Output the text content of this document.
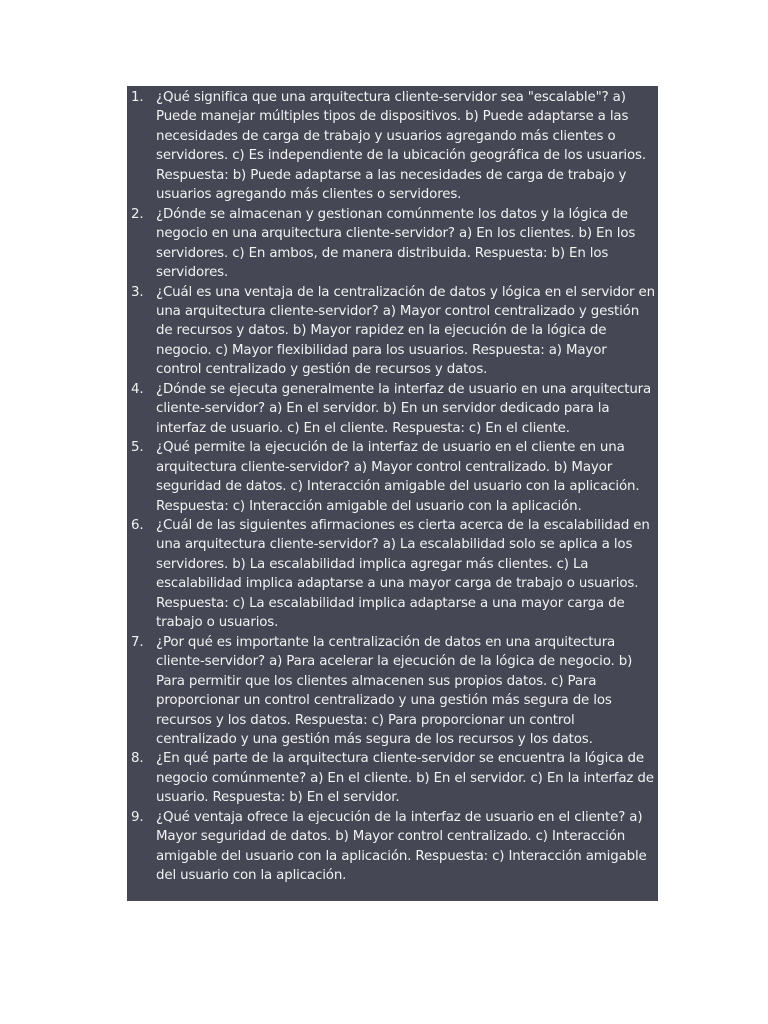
1. ¿Qué significa que una arquitectura cliente-servidor sea "escalable"? a) Puede manejar múltiples tipos de dispositivos. b) Puede adaptarse a las necesidades de carga de trabajo y usuarios agregando más clientes o servidores. c) Es independiente de la ubicación geográfica de los usuarios. Respuesta: b) Puede adaptarse a las necesidades de carga de trabajo y usuarios agregando más clientes o servidores.
2. ¿Dónde se almacenan y gestionan comúnmente los datos y la lógica de negocio en una arquitectura cliente-servidor? a) En los clientes. b) En los servidores. c) En ambos, de manera distribuida. Respuesta: b) En los servidores.
3. ¿Cuál es una ventaja de la centralización de datos y lógica en el servidor en una arquitectura cliente-servidor? a) Mayor control centralizado y gestión de recursos y datos. b) Mayor rapidez en la ejecución de la lógica de negocio. c) Mayor flexibilidad para los usuarios. Respuesta: a) Mayor control centralizado y gestión de recursos y datos.
4. ¿Dónde se ejecuta generalmente la interfaz de usuario en una arquitectura cliente-servidor? a) En el servidor. b) En un servidor dedicado para la interfaz de usuario. c) En el cliente. Respuesta: c) En el cliente.
5. ¿Qué permite la ejecución de la interfaz de usuario en el cliente en una arquitectura cliente-servidor? a) Mayor control centralizado. b) Mayor seguridad de datos. c) Interacción amigable del usuario con la aplicación. Respuesta: c) Interacción amigable del usuario con la aplicación.
6. ¿Cuál de las siguientes afirmaciones es cierta acerca de la escalabilidad en una arquitectura cliente-servidor? a) La escalabilidad solo se aplica a los servidores. b) La escalabilidad implica agregar más clientes. c) La escalabilidad implica adaptarse a una mayor carga de trabajo o usuarios. Respuesta: c) La escalabilidad implica adaptarse a una mayor carga de trabajo o usuarios.
7. ¿Por qué es importante la centralización de datos en una arquitectura cliente-servidor? a) Para acelerar la ejecución de la lógica de negocio. b) Para permitir que los clientes almacenen sus propios datos. c) Para proporcionar un control centralizado y una gestión más segura de los recursos y los datos. Respuesta: c) Para proporcionar un control centralizado y una gestión más segura de los recursos y los datos.
8. ¿En qué parte de la arquitectura cliente-servidor se encuentra la lógica de negocio comúnmente? a) En el cliente. b) En el servidor. c) En la interfaz de usuario. Respuesta: b) En el servidor.
9. ¿Qué ventaja ofrece la ejecución de la interfaz de usuario en el cliente? a) Mayor seguridad de datos. b) Mayor control centralizado. c) Interacción amigable del usuario con la aplicación. Respuesta: c) Interacción amigable del usuario con la aplicación.
